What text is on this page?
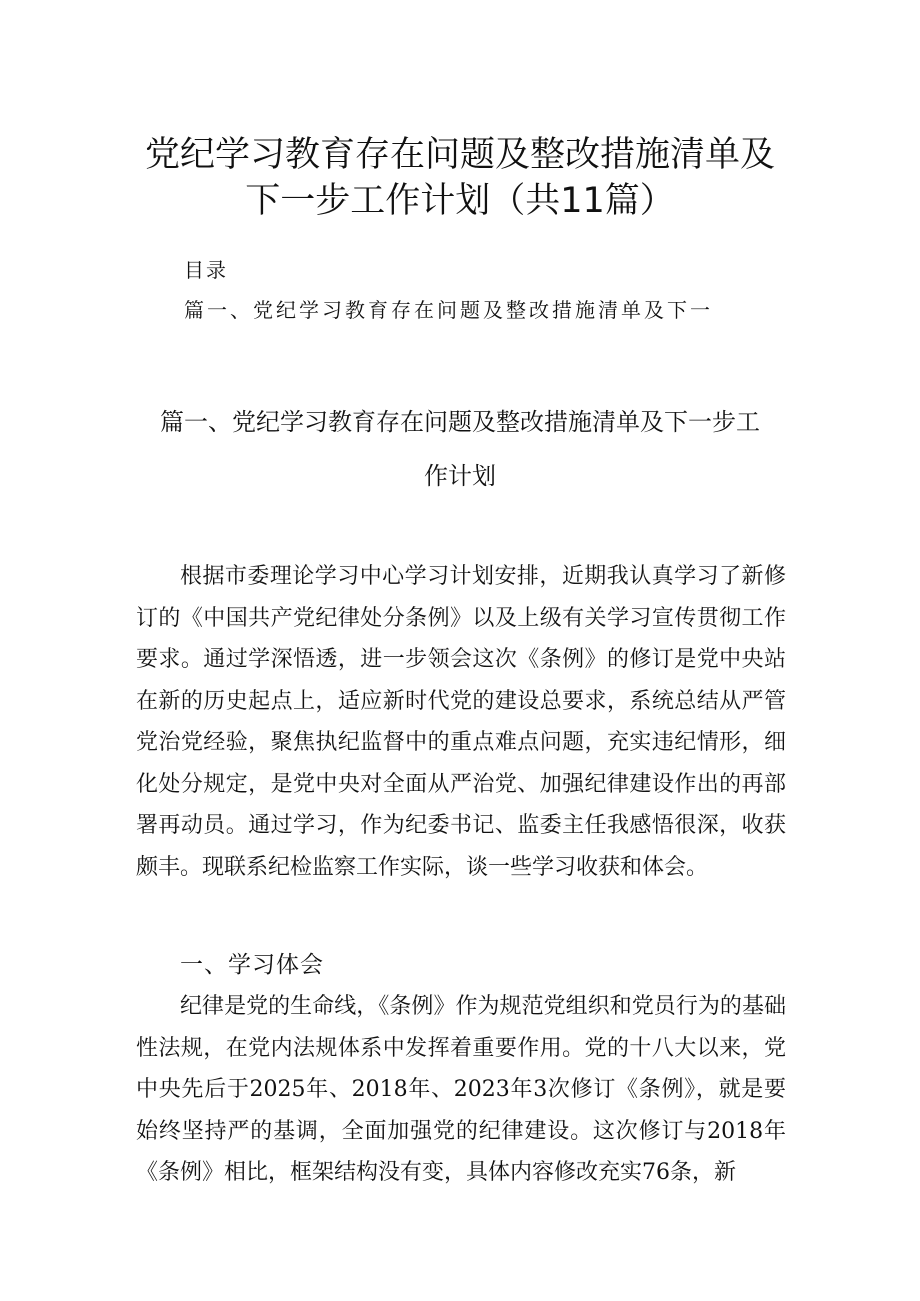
党纪学习教育存在问题及整改措施清单及
下一步工作计划（共11篇）
目录
篇一、党纪学习教育存在问题及整改措施清单及下一
篇一、党纪学习教育存在问题及整改措施清单及下一步工
作计划

根据市委理论学习中心学习计划安排，近期我认真学习了新修订的《中国共产党纪律处分条例》以及上级有关学习宣传贯彻工作要求。通过学深悟透，进一步领会这次《条例》的修订是党中央站在新的历史起点上，适应新时代党的建设总要求，系统总结从严管党治党经验，聚焦执纪监督中的重点难点问题，充实违纪情形，细化处分规定，是党中央对全面从严治党、加强纪律建设作出的再部署再动员。通过学习，作为纪委书记、监委主任我感悟很深，收获颇丰。现联系纪检监察工作实际，谈一些学习收获和体会。

一、学习体会

纪律是党的生命线，《条例》作为规范党组织和党员行为的基础性法规，在党内法规体系中发挥着重要作用。党的十八大以来，党中央先后于2025年、2018年、2023年3次修订《条例》，就是要始终坚持严的基调，全面加强党的纪律建设。这次修订与2018年《条例》相比，框架结构没有变，具体内容修改充实76条，新
